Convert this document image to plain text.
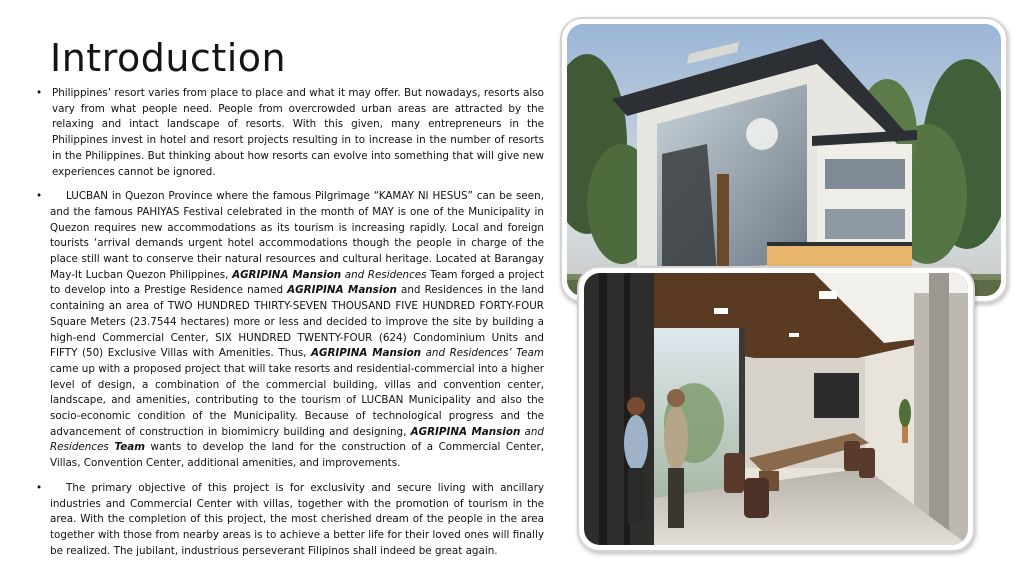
Introduction

• Philippines’ resort varies from place to place and what it may offer. But nowadays, resorts also vary from what people need. People from overcrowded urban areas are attracted by the relaxing and intact landscape of resorts. With this given, many entrepreneurs in the Philippines invest in hotel and resort projects resulting in to increase in the number of resorts in the Philippines. But thinking about how resorts can evolve into something that will give new experiences cannot be ignored.

• LUCBAN in Quezon Province where the famous Pilgrimage “KAMAY NI HESUS” can be seen, and the famous PAHIYAS Festival celebrated in the month of MAY is one of the Municipality in Quezon requires new accommodations as its tourism is increasing rapidly. Local and foreign tourists ‘arrival demands urgent hotel accommodations though the people in charge of the place still want to conserve their natural resources and cultural heritage. Located at Barangay May-It Lucban Quezon Philippines, AGRIPINA Mansion and Residences Team forged a project to develop into a Prestige Residence named AGRIPINA Mansion and Residences in the land containing an area of TWO HUNDRED THIRTY-SEVEN THOUSAND FIVE HUNDRED FORTY-FOUR Square Meters (23.7544 hectares) more or less and decided to improve the site by building a high-end Commercial Center, SIX HUNDRED TWENTY-FOUR (624) Condominium Units and FIFTY (50) Exclusive Villas with Amenities. Thus, AGRIPINA Mansion and Residences’ Team came up with a proposed project that will take resorts and residential-commercial into a higher level of design, a combination of the commercial building, villas and convention center, landscape, and amenities, contributing to the tourism of LUCBAN Municipality and also the socio-economic condition of the Municipality. Because of technological progress and the advancement of construction in biomimicry building and designing, AGRIPINA Mansion and Residences Team wants to develop the land for the construction of a Commercial Center, Villas, Convention Center, additional amenities, and improvements.

• The primary objective of this project is for exclusivity and secure living with ancillary industries and Commercial Center with villas, together with the promotion of tourism in the area. With the completion of this project, the most cherished dream of the people in the area together with those from nearby areas is to achieve a better life for their loved ones will finally be realized. The jubilant, industrious perseverant Filipinos shall indeed be great again.
